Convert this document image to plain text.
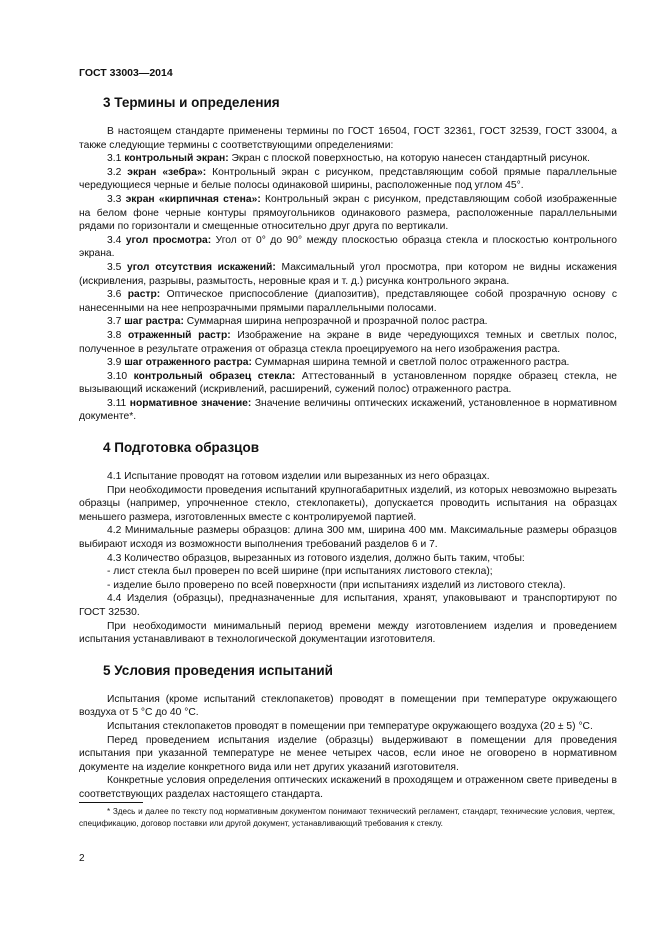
ГОСТ 33003—2014
3 Термины и определения

В настоящем стандарте применены термины по ГОСТ 16504, ГОСТ 32361, ГОСТ 32539, ГОСТ 33004, а также следующие термины с соответствующими определениями:

3.1 контрольный экран: Экран с плоской поверхностью, на которую нанесен стандартный рисунок.

3.2 экран «зебра»: Контрольный экран с рисунком, представляющим собой прямые параллельные чередующиеся черные и белые полосы одинаковой ширины, расположенные под углом 45°.

3.3 экран «кирпичная стена»: Контрольный экран с рисунком, представляющим собой изображенные на белом фоне черные контуры прямоугольников одинакового размера, расположенные параллельными рядами по горизонтали и смещенные относительно друг друга по вертикали.

3.4 угол просмотра: Угол от 0° до 90° между плоскостью образца стекла и плоскостью контрольного экрана.

3.5 угол отсутствия искажений: Максимальный угол просмотра, при котором не видны искажения (искривления, разрывы, размытость, неровные края и т. д.) рисунка контрольного экрана.

3.6 растр: Оптическое приспособление (диапозитив), представляющее собой прозрачную основу с нанесенными на нее непрозрачными прямыми параллельными полосами.

3.7 шаг растра: Суммарная ширина непрозрачной и прозрачной полос растра.

3.8 отраженный растр: Изображение на экране в виде чередующихся темных и светлых полос, полученное в результате отражения от образца стекла проецируемого на него изображения растра.

3.9 шаг отраженного растра: Суммарная ширина темной и светлой полос отраженного растра.

3.10 контрольный образец стекла: Аттестованный в установленном порядке образец стекла, не вызывающий искажений (искривлений, расширений, сужений полос) отраженного растра.

3.11 нормативное значение: Значение величины оптических искажений, установленное в нормативном документе*.

4 Подготовка образцов

4.1 Испытание проводят на готовом изделии или вырезанных из него образцах.

При необходимости проведения испытаний крупногабаритных изделий, из которых невозможно вырезать образцы (например, упрочненное стекло, стеклопакеты), допускается проводить испытания на образцах меньшего размера, изготовленных вместе с контролируемой партией.

4.2 Минимальные размеры образцов: длина 300 мм, ширина 400 мм. Максимальные размеры образцов выбирают исходя из возможности выполнения требований разделов 6 и 7.

4.3 Количество образцов, вырезанных из готового изделия, должно быть таким, чтобы:

- лист стекла был проверен по всей ширине (при испытаниях листового стекла);

- изделие было проверено по всей поверхности (при испытаниях изделий из листового стекла).

4.4 Изделия (образцы), предназначенные для испытания, хранят, упаковывают и транспортируют по ГОСТ 32530.

При необходимости минимальный период времени между изготовлением изделия и проведением испытания устанавливают в технологической документации изготовителя.

5 Условия проведения испытаний

Испытания (кроме испытаний стеклопакетов) проводят в помещении при температуре окружающего воздуха от 5 °С до 40 °С.

Испытания стеклопакетов проводят в помещении при температуре окружающего воздуха (20 ± 5) °С.

Перед проведением испытания изделие (образцы) выдерживают в помещении для проведения испытания при указанной температуре не менее четырех часов, если иное не оговорено в нормативном документе на изделие конкретного вида или нет других указаний изготовителя.

Конкретные условия определения оптических искажений в проходящем и отраженном свете приведены в соответствующих разделах настоящего стандарта.

* Здесь и далее по тексту под нормативным документом понимают технический регламент, стандарт, технические условия, чертеж, спецификацию, договор поставки или другой документ, устанавливающий требования к стеклу.
2
